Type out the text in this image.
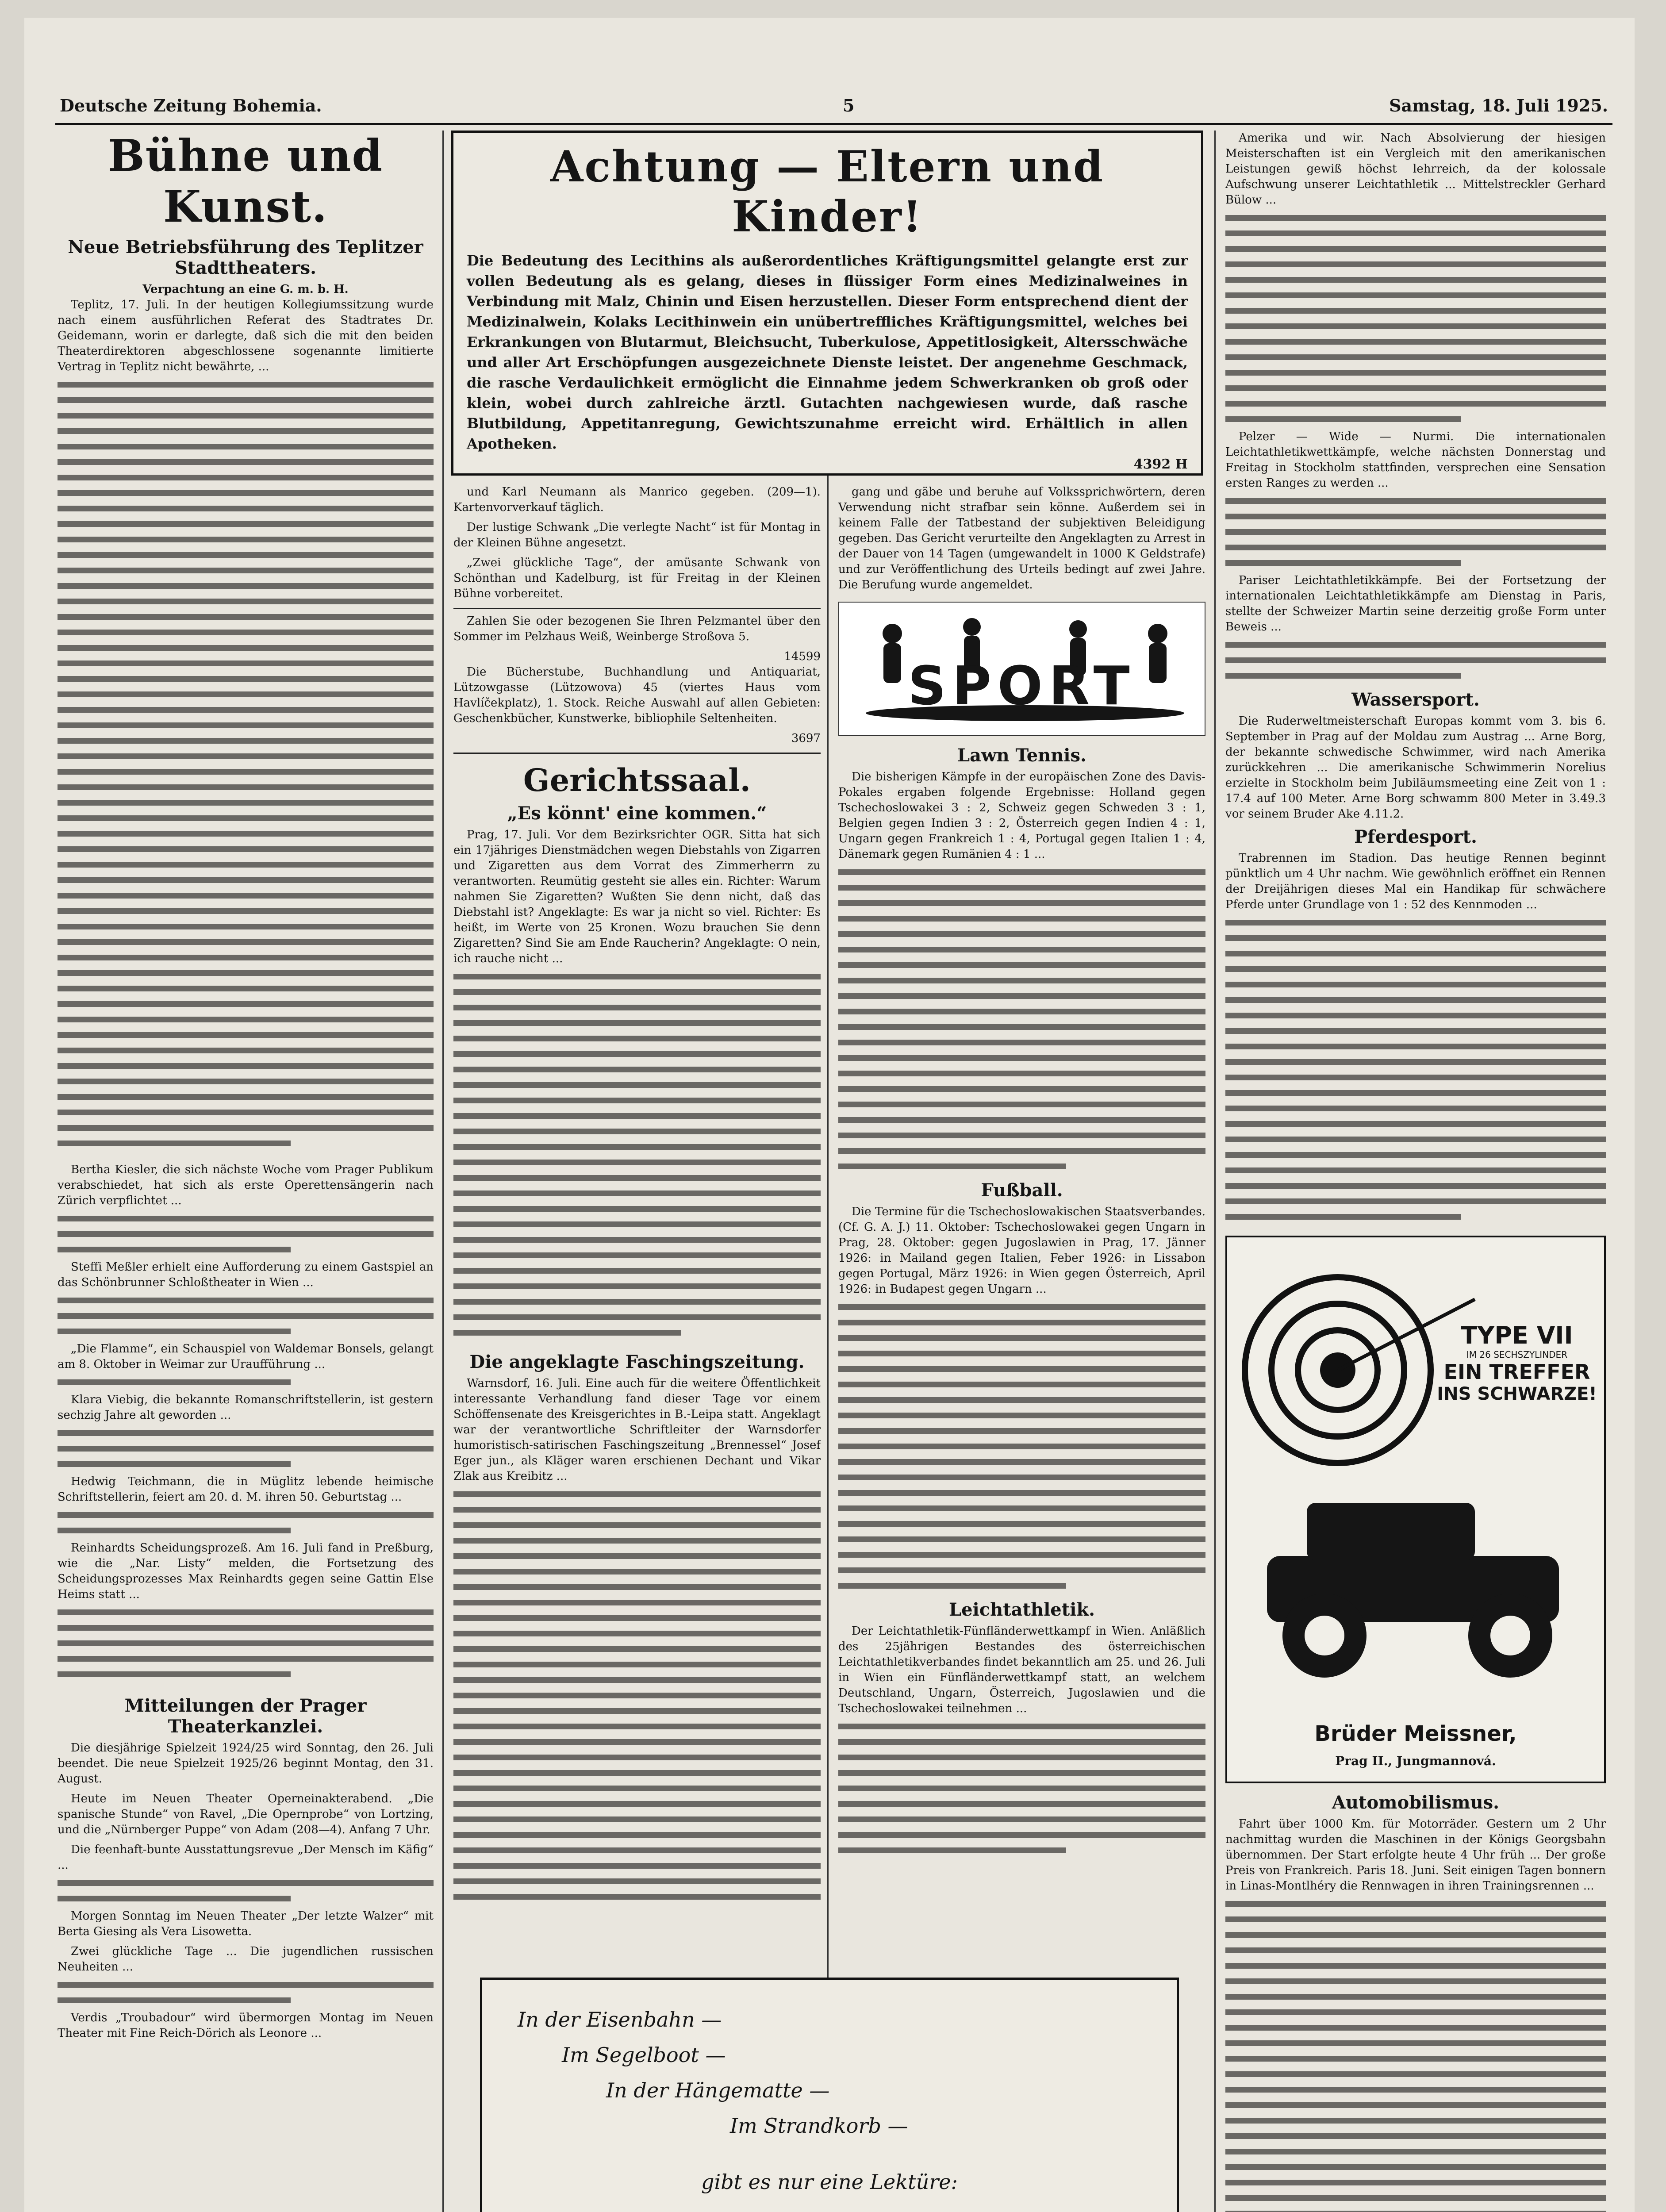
Deutsche Zeitung Bohemia.	5	Samstag, 18. Juli 1925.
Bühne und Kunst.
Neue Betriebsführung des Teplitzer Stadttheaters.

Verpachtung an eine G. m. b. H.

Teplitz, 17. Juli. In der heutigen Kollegiumssitzung wurde nach einem ausführlichen Referat des Stadtrates Dr. Geidemann, worin er darlegte, daß sich die mit den beiden Theaterdirektoren abgeschlossene sogenannte limitierte Vertrag in Teplitz nicht bewährte, ...

Bertha Kiesler, die sich nächste Woche vom Prager Publikum verabschiedet, hat sich als erste Operettensängerin nach Zürich verpflichtet ...

Steffi Meßler erhielt eine Aufforderung zu einem Gastspiel an das Schönbrunner Schloßtheater in Wien ...

„Die Flamme“, ein Schauspiel von Waldemar Bonsels, gelangt am 8. Oktober in Weimar zur Uraufführung ...

Klara Viebig, die bekannte Romanschriftstellerin, ist gestern sechzig Jahre alt geworden ...

Hedwig Teichmann, die in Müglitz lebende heimische Schriftstellerin, feiert am 20. d. M. ihren 50. Geburtstag ...

Reinhardts Scheidungsprozeß. Am 16. Juli fand in Preßburg, wie die „Nar. Listy“ melden, die Fortsetzung des Scheidungsprozesses Max Reinhardts gegen seine Gattin Else Heims statt ...

Mitteilungen der Prager Theaterkanzlei.

Die diesjährige Spielzeit 1924/25 wird Sonntag, den 26. Juli beendet. Die neue Spielzeit 1925/26 beginnt Montag, den 31. August.

Heute im Neuen Theater Operneinakterabend. „Die spanische Stunde“ von Ravel, „Die Opernprobe“ von Lortzing, und die „Nürnberger Puppe“ von Adam (208—4). Anfang 7 Uhr.

Die feenhaft-bunte Ausstattungsrevue „Der Mensch im Käfig“ ...

Morgen Sonntag im Neuen Theater „Der letzte Walzer“ mit Berta Giesing als Vera Lisowetta.

Zwei glückliche Tage ... Die jugendlichen russischen Neuheiten ...

Verdis „Troubadour“ wird übermorgen Montag im Neuen Theater mit Fine Reich-Dörich als Leonore ...

Achtung — Eltern und Kinder!

Die Bedeutung des Lecithins als außerordentliches Kräftigungsmittel gelangte erst zur vollen Bedeutung als es gelang, dieses in flüssiger Form eines Medizinalweines in Verbindung mit Malz, Chinin und Eisen herzustellen. Dieser Form entsprechend dient der Medizinalwein, Kolaks Lecithinwein ein unübertreffliches Kräftigungsmittel, welches bei Erkrankungen von Blutarmut, Bleichsucht, Tuberkulose, Appetitlosigkeit, Altersschwäche und aller Art Erschöpfungen ausgezeichnete Dienste leistet. Der angenehme Geschmack, die rasche Verdaulichkeit ermöglicht die Einnahme jedem Schwerkranken ob groß oder klein, wobei durch zahlreiche ärztl. Gutachten nachgewiesen wurde, daß rasche Blutbildung, Appetitanregung, Gewichtszunahme erreicht wird. Erhältlich in allen Apotheken.

4392 H

und Karl Neumann als Manrico gegeben. (209—1). Kartenvorverkauf täglich.

Der lustige Schwank „Die verlegte Nacht“ ist für Montag in der Kleinen Bühne angesetzt.

„Zwei glückliche Tage“, der amüsante Schwank von Schönthan und Kadelburg, ist für Freitag in der Kleinen Bühne vorbereitet.

Zahlen Sie oder bezogenen Sie Ihren Pelzmantel über den Sommer im Pelzhaus Weiß, Weinberge Stroßova 5.

14599

Die Bücherstube, Buchhandlung und Antiquariat, Lützowgasse (Lützowova) 45 (viertes Haus vom Havlíčekplatz), 1. Stock. Reiche Auswahl auf allen Gebieten: Geschenkbücher, Kunstwerke, bibliophile Seltenheiten.

3697
Gerichtssaal.
„Es könnt' eine kommen.“

Prag, 17. Juli. Vor dem Bezirksrichter OGR. Sitta hat sich ein 17jähriges Dienstmädchen wegen Diebstahls von Zigarren und Zigaretten aus dem Vorrat des Zimmerherrn zu verantworten. Reumütig gesteht sie alles ein. Richter: Warum nahmen Sie Zigaretten? Wußten Sie denn nicht, daß das Diebstahl ist? Angeklagte: Es war ja nicht so viel. Richter: Es heißt, im Werte von 25 Kronen. Wozu brauchen Sie denn Zigaretten? Sind Sie am Ende Raucherin? Angeklagte: O nein, ich rauche nicht ...

Die angeklagte Faschingszeitung.

Warnsdorf, 16. Juli. Eine auch für die weitere Öffentlichkeit interessante Verhandlung fand dieser Tage vor einem Schöffensenate des Kreisgerichtes in B.-Leipa statt. Angeklagt war der verantwortliche Schriftleiter der Warnsdorfer humoristisch-satirischen Faschingszeitung „Brennessel“ Josef Eger jun., als Kläger waren erschienen Dechant und Vikar Zlak aus Kreibitz ...

gang und gäbe und beruhe auf Volkssprichwörtern, deren Verwendung nicht strafbar sein könne. Außerdem sei in keinem Falle der Tatbestand der subjektiven Beleidigung gegeben. Das Gericht verurteilte den Angeklagten zu Arrest in der Dauer von 14 Tagen (umgewandelt in 1000 K Geldstrafe) und zur Veröffentlichung des Urteils bedingt auf zwei Jahre. Die Berufung wurde angemeldet.

SPORT
Lawn Tennis.

Die bisherigen Kämpfe in der europäischen Zone des Davis-Pokales ergaben folgende Ergebnisse: Holland gegen Tschechoslowakei 3 : 2, Schweiz gegen Schweden 3 : 1, Belgien gegen Indien 3 : 2, Österreich gegen Indien 4 : 1, Ungarn gegen Frankreich 1 : 4, Portugal gegen Italien 1 : 4, Dänemark gegen Rumänien 4 : 1 ...

Fußball.

Die Termine für die Tschechoslowakischen Staatsverbandes. (Cf. G. A. J.) 11. Oktober: Tschechoslowakei gegen Ungarn in Prag, 28. Oktober: gegen Jugoslawien in Prag, 17. Jänner 1926: in Mailand gegen Italien, Feber 1926: in Lissabon gegen Portugal, März 1926: in Wien gegen Österreich, April 1926: in Budapest gegen Ungarn ...

Leichtathletik.

Der Leichtathletik-Fünfländerwettkampf in Wien. Anläßlich des 25jährigen Bestandes des österreichischen Leichtathletikverbandes findet bekanntlich am 25. und 26. Juli in Wien ein Fünfländerwettkampf statt, an welchem Deutschland, Ungarn, Österreich, Jugoslawien und die Tschechoslowakei teilnehmen ...

In der Eisenbahn —
Im Segelboot —
In der Hängematte —
Im Strandkorb —
gibt es nur eine Lektüre:

Amerika und wir. Nach Absolvierung der hiesigen Meisterschaften ist ein Vergleich mit den amerikanischen Leistungen gewiß höchst lehrreich, da der kolossale Aufschwung unserer Leichtathletik ... Mittelstreckler Gerhard Bülow ...

Pelzer — Wide — Nurmi. Die internationalen Leichtathletikwettkämpfe, welche nächsten Donnerstag und Freitag in Stockholm stattfinden, versprechen eine Sensation ersten Ranges zu werden ...

Pariser Leichtathletikkämpfe. Bei der Fortsetzung der internationalen Leichtathletikkämpfe am Dienstag in Paris, stellte der Schweizer Martin seine derzeitig große Form unter Beweis ...

Wassersport.

Die Ruderweltmeisterschaft Europas kommt vom 3. bis 6. September in Prag auf der Moldau zum Austrag ... Arne Borg, der bekannte schwedische Schwimmer, wird nach Amerika zurückkehren ... Die amerikanische Schwimmerin Norelius erzielte in Stockholm beim Jubiläumsmeeting eine Zeit von 1 : 17.4 auf 100 Meter. Arne Borg schwamm 800 Meter in 3.49.3 vor seinem Bruder Ake 4.11.2.

Pferdesport.

Trabrennen im Stadion. Das heutige Rennen beginnt pünktlich um 4 Uhr nachm. Wie gewöhnlich eröffnet ein Rennen der Dreijährigen dieses Mal ein Handikap für schwächere Pferde unter Grundlage von 1 : 52 des Kennmoden ...

TYPE VII
IM 26 SECHSZYLINDER
EIN TREFFER
INS SCHWARZE!
Brüder Meissner,
Prag II., Jungmannová.
Automobilismus.

Fahrt über 1000 Km. für Motorräder. Gestern um 2 Uhr nachmittag wurden die Maschinen in der Königs Georgsbahn übernommen. Der Start erfolgte heute 4 Uhr früh ... Der große Preis von Frankreich. Paris 18. Juni. Seit einigen Tagen bonnern in Linas-Montlhéry die Rennwagen in ihren Trainingsrennen ...
